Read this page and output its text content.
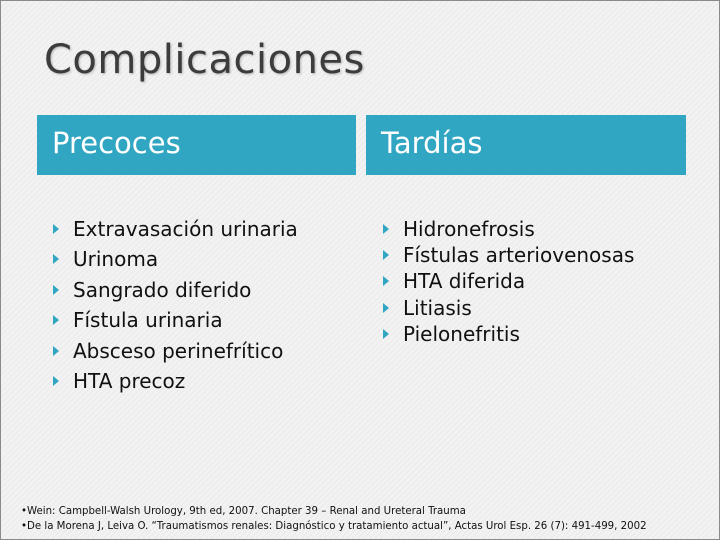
Complicaciones
Precoces	Tardías
Extravasación urinaria
Urinoma
Sangrado diferido
Fístula urinaria
Absceso perinefrítico
HTA precoz
Hidronefrosis
Fístulas arteriovenosas
HTA diferida
Litiasis
Pielonefritis
•Wein: Campbell-Walsh Urology, 9th ed, 2007. Chapter 39 – Renal and Ureteral Trauma
•De la Morena J, Leiva O. “Traumatismos renales: Diagnóstico y tratamiento actual”, Actas Urol Esp. 26 (7): 491-499, 2002
